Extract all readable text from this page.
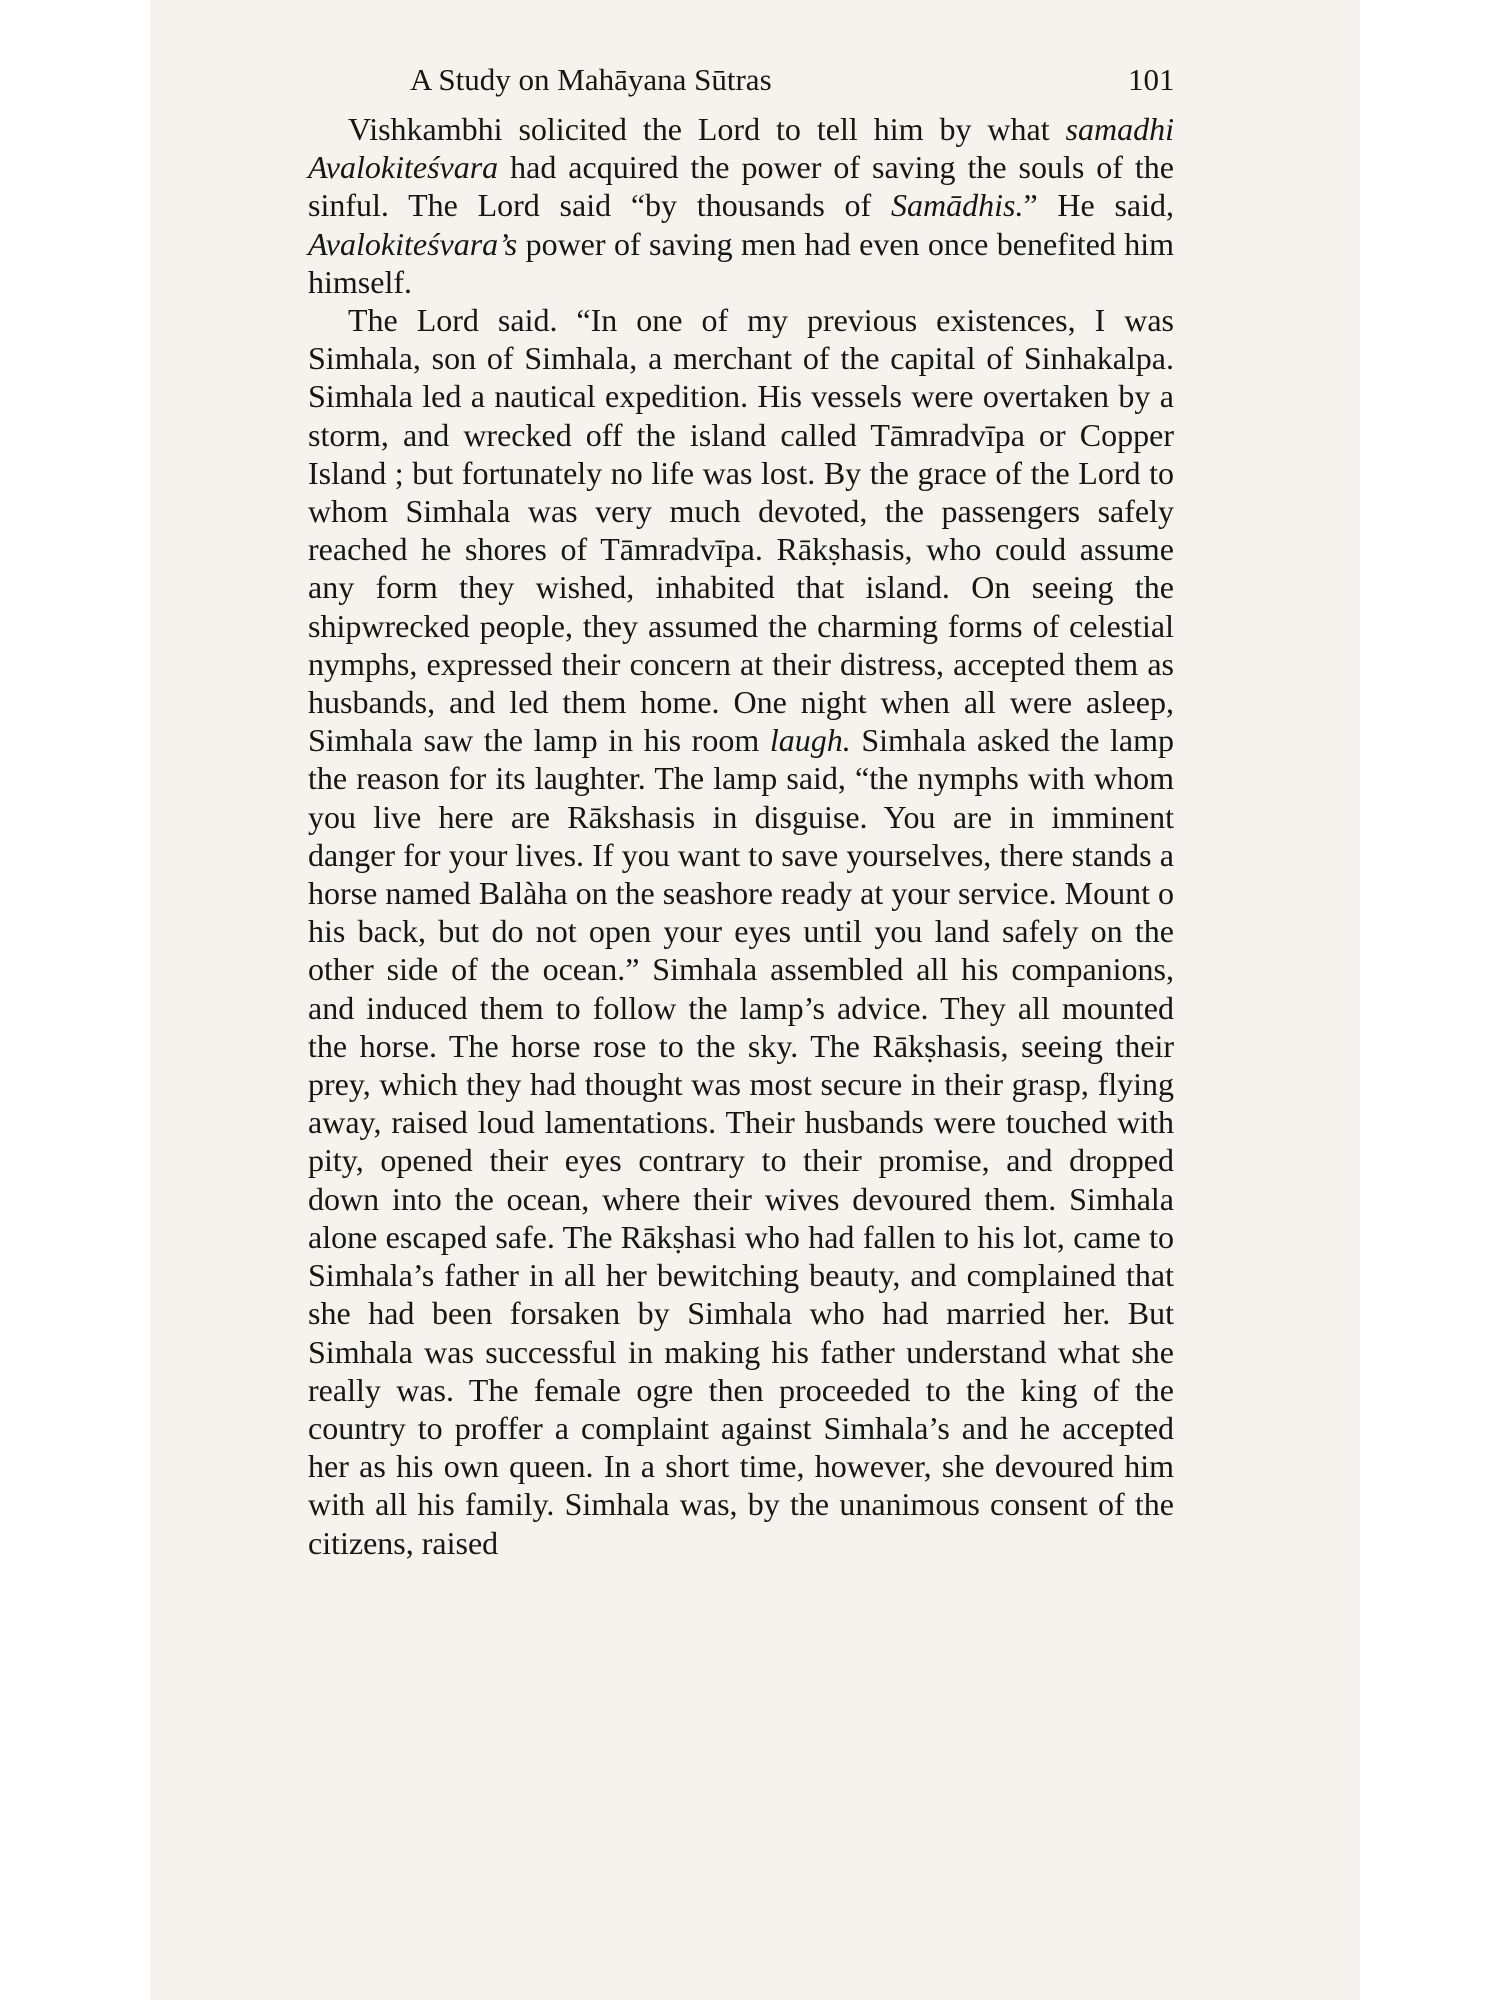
A Study on Mahāyana Sūtras	101

Vishkambhi solicited the Lord to tell him by what samadhi Avalokiteśvara had acquired the power of saving the souls of the sinful. The Lord said “by thousands of Samādhis.” He said, Avalokiteśvara’s power of saving men had even once benefited him himself.

The Lord said. “In one of my previous existences, I was Simhala, son of Simhala, a merchant of the capital of Sinhakalpa. Simhala led a nautical expedition. His vessels were overtaken by a storm, and wrecked off the island called Tāmradvīpa or Copper Island ; but fortunately no life was lost. By the grace of the Lord to whom Simhala was very much devoted, the passengers safely reached he shores of Tāmradvīpa. Rākṣhasis, who could assume any form they wished, inhabited that island. On seeing the shipwrecked people, they assumed the charming forms of celestial nymphs, expressed their concern at their distress, accepted them as husbands, and led them home. One night when all were asleep, Simhala saw the lamp in his room laugh. Simhala asked the lamp the reason for its laughter. The lamp said, “the nymphs with whom you live here are Rākshasis in disguise. You are in imminent danger for your lives. If you want to save yourselves, there stands a horse named Balàha on the seashore ready at your service. Mount o his back, but do not open your eyes until you land safely on the other side of the ocean.” Simhala assembled all his companions, and induced them to follow the lamp’s advice. They all mounted the horse. The horse rose to the sky. The Rākṣhasis, seeing their prey, which they had thought was most secure in their grasp, flying away, raised loud lamentations. Their husbands were touched with pity, opened their eyes contrary to their promise, and dropped down into the ocean, where their wives devoured them. Simhala alone escaped safe. The Rākṣhasi who had fallen to his lot, came to Simhala’s father in all her bewitching beauty, and complained that she had been forsaken by Simhala who had married her. But Simhala was successful in making his father understand what she really was. The female ogre then proceeded to the king of the country to proffer a complaint against Simhala’s and he accepted her as his own queen. In a short time, however, she devoured him with all his family. Simhala was, by the unanimous consent of the citizens, raised
